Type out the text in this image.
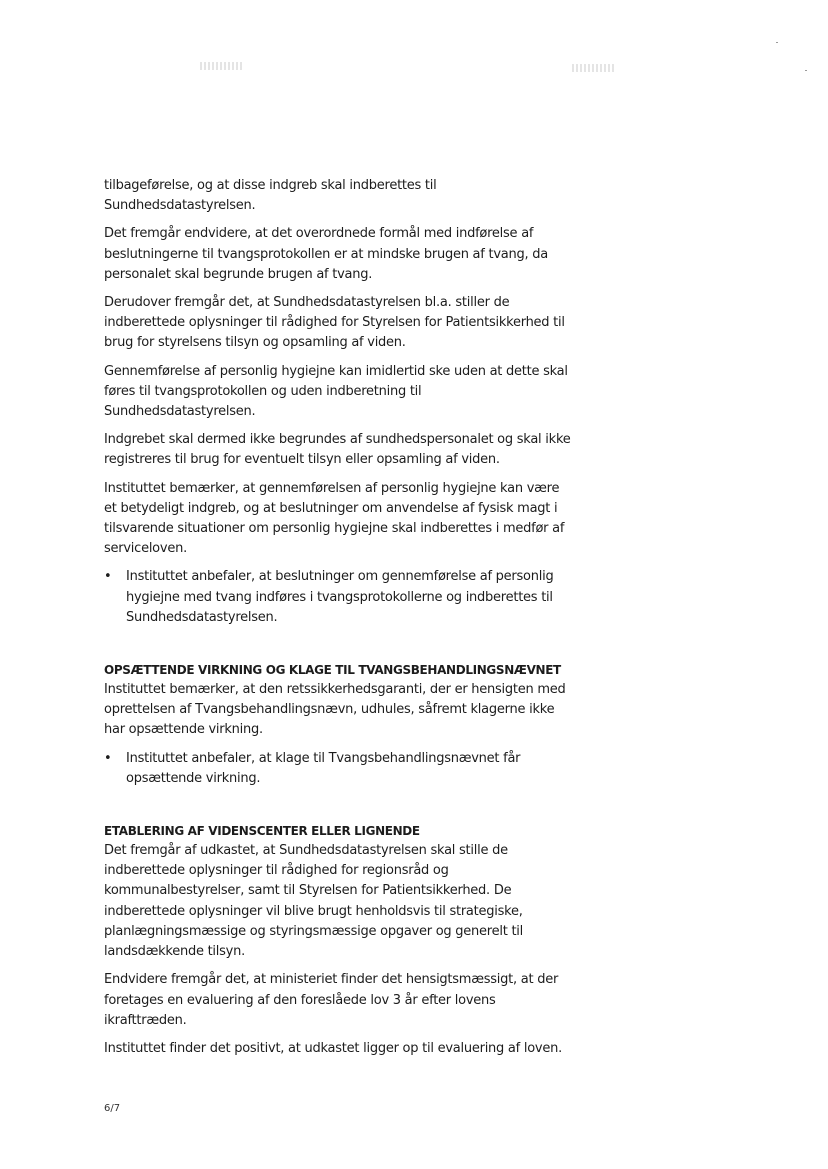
tilbageførelse, og at disse indgreb skal indberettes til Sundhedsdatastyrelsen.

Det fremgår endvidere, at det overordnede formål med indførelse af beslutningerne til tvangsprotokollen er at mindske brugen af tvang, da personalet skal begrunde brugen af tvang.

Derudover fremgår det, at Sundhedsdatastyrelsen bl.a. stiller de indberettede oplysninger til rådighed for Styrelsen for Patientsikkerhed til brug for styrelsens tilsyn og opsamling af viden.

Gennemførelse af personlig hygiejne kan imidlertid ske uden at dette skal føres til tvangsprotokollen og uden indberetning til Sundhedsdatastyrelsen.

Indgrebet skal dermed ikke begrundes af sundhedspersonalet og skal ikke registreres til brug for eventuelt tilsyn eller opsamling af viden.

Instituttet bemærker, at gennemførelsen af personlig hygiejne kan være et betydeligt indgreb, og at beslutninger om anvendelse af fysisk magt i tilsvarende situationer om personlig hygiejne skal indberettes i medfør af serviceloven.

• Instituttet anbefaler, at beslutninger om gennemførelse af personlig hygiejne med tvang indføres i tvangsprotokollerne og indberettes til Sundhedsdatastyrelsen.
OPSÆTTENDE VIRKNING OG KLAGE TIL TVANGSBEHANDLINGSNÆVNET

Instituttet bemærker, at den retssikkerhedsgaranti, der er hensigten med oprettelsen af Tvangsbehandlingsnævn, udhules, såfremt klagerne ikke har opsættende virkning.

• Instituttet anbefaler, at klage til Tvangsbehandlingsnævnet får opsættende virkning.
ETABLERING AF VIDENSCENTER ELLER LIGNENDE

Det fremgår af udkastet, at Sundhedsdatastyrelsen skal stille de indberettede oplysninger til rådighed for regionsråd og kommunalbestyrelser, samt til Styrelsen for Patientsikkerhed. De indberettede oplysninger vil blive brugt henholdsvis til strategiske, planlægningsmæssige og styringsmæssige opgaver og generelt til landsdækkende tilsyn.

Endvidere fremgår det, at ministeriet finder det hensigtsmæssigt, at der foretages en evaluering af den foreslåede lov 3 år efter lovens ikrafttræden.

Instituttet finder det positivt, at udkastet ligger op til evaluering af loven.

6/7
